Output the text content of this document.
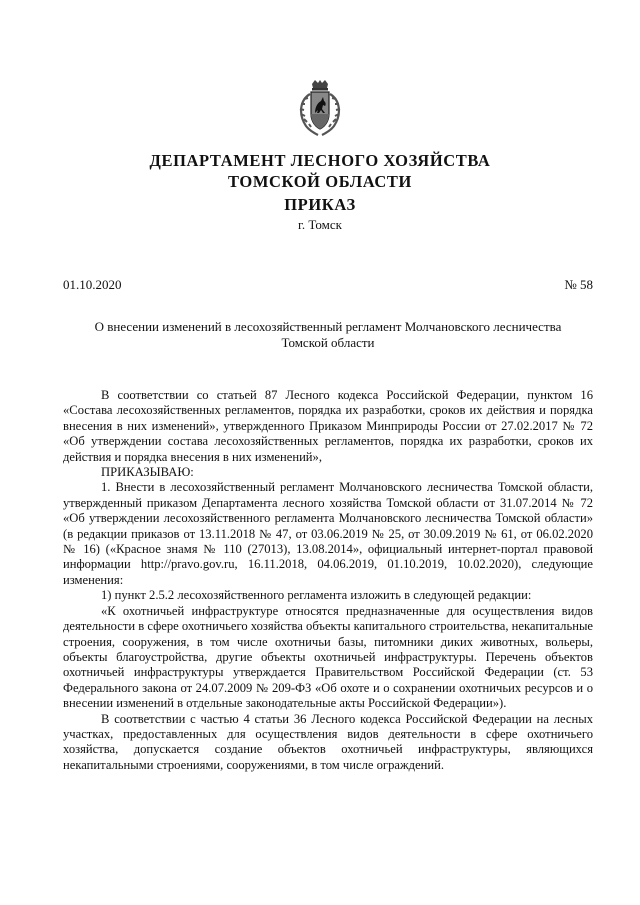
ДЕПАРТАМЕНТ ЛЕСНОГО ХОЗЯЙСТВА
ТОМСКОЙ ОБЛАСТИ
ПРИКАЗ
г. Томск
01.10.2020	№ 58
О внесении изменений в лесохозяйственный регламент Молчановского лесничества
Томской области

В соответствии со статьей 87 Лесного кодекса Российской Федерации, пунктом 16 «Состава лесохозяйственных регламентов, порядка их разработки, сроков их действия и порядка внесения в них изменений», утвержденного Приказом Минприроды России от 27.02.2017 № 72 «Об утверждении состава лесохозяйственных регламентов, порядка их разработки, сроков их действия и порядка внесения в них изменений»,

ПРИКАЗЫВАЮ:

1. Внести в лесохозяйственный регламент Молчановского лесничества Томской области, утвержденный приказом Департамента лесного хозяйства Томской области от 31.07.2014 № 72 «Об утверждении лесохозяйственного регламента Молчановского лесничества Томской области» (в редакции приказов от 13.11.2018 № 47, от 03.06.2019 № 25, от 30.09.2019 № 61, от 06.02.2020 № 16) («Красное знамя № 110 (27013), 13.08.2014», официальный интернет-портал правовой информации http://pravo.gov.ru, 16.11.2018, 04.06.2019, 01.10.2019, 10.02.2020), следующие изменения:

1) пункт 2.5.2 лесохозяйственного регламента изложить в следующей редакции:

«К охотничьей инфраструктуре относятся предназначенные для осуществления видов деятельности в сфере охотничьего хозяйства объекты капитального строительства, некапитальные строения, сооружения, в том числе охотничьи базы, питомники диких животных, вольеры, объекты благоустройства, другие объекты охотничьей инфраструктуры. Перечень объектов охотничьей инфраструктуры утверждается Правительством Российской Федерации (ст. 53 Федерального закона от 24.07.2009 № 209-ФЗ «Об охоте и о сохранении охотничьих ресурсов и о внесении изменений в отдельные законодательные акты Российской Федерации»).

В соответствии с частью 4 статьи 36 Лесного кодекса Российской Федерации на лесных участках, предоставленных для осуществления видов деятельности в сфере охотничьего хозяйства, допускается создание объектов охотничьей инфраструктуры, являющихся некапитальными строениями, сооружениями, в том числе ограждений.
